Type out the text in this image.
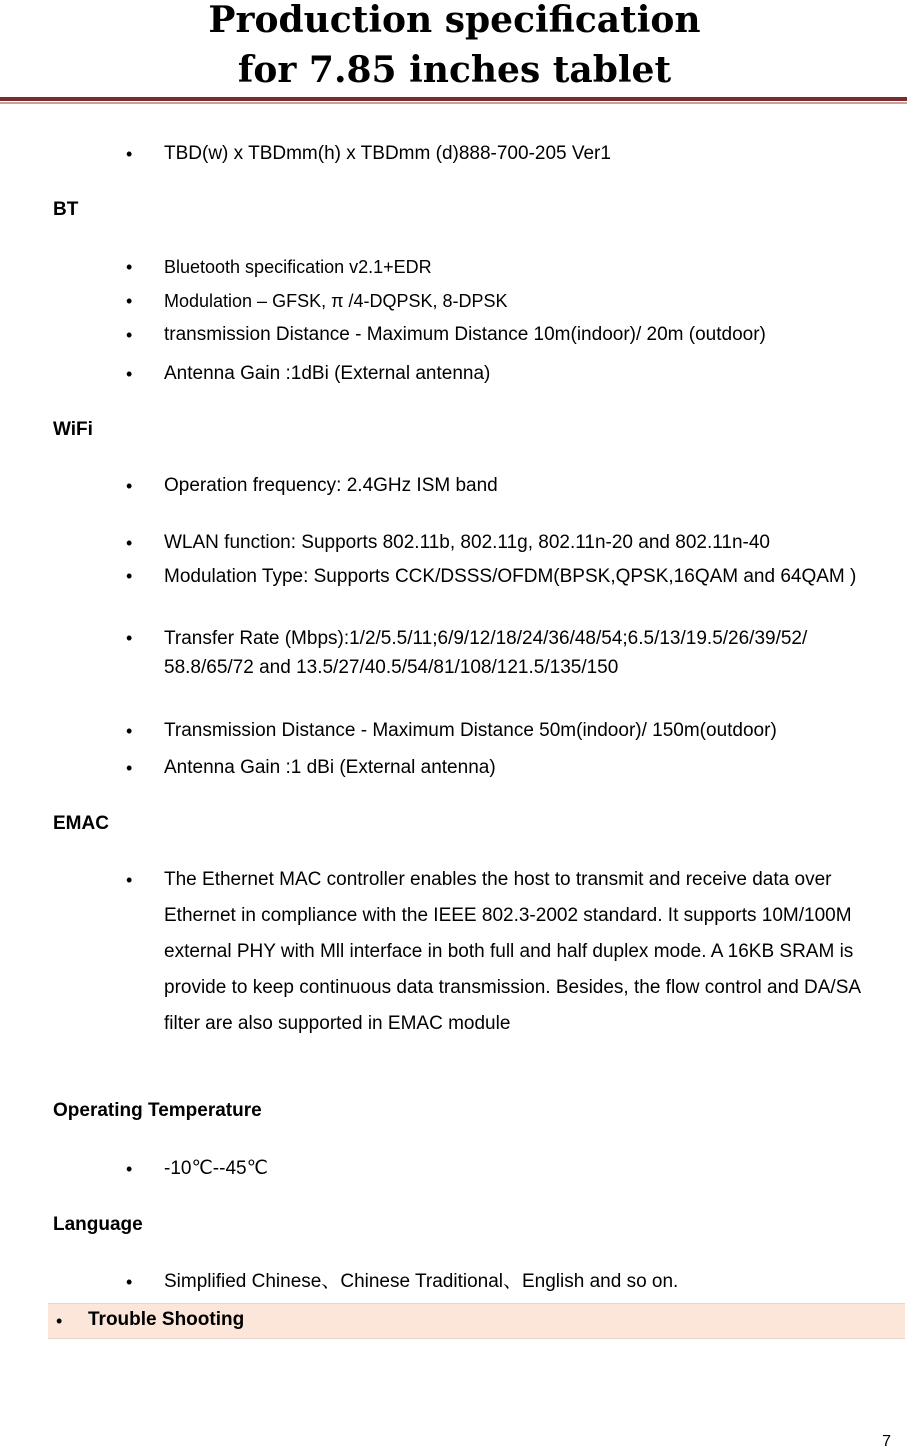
Production specification
for 7.85 inches tablet
•	TBD(w) x TBDmm(h) x TBDmm (d)888-700-205 Ver1
BT
•	Bluetooth specification v2.1+EDR
•	Modulation – GFSK, π /4-DQPSK, 8-DPSK
•	transmission Distance - Maximum Distance 10m(indoor)/ 20m (outdoor)
•	Antenna Gain :1dBi (External antenna)
WiFi
•	Operation frequency: 2.4GHz ISM band
•	WLAN function: Supports 802.11b, 802.11g, 802.11n-20 and 802.11n-40
•	Modulation Type: Supports CCK/DSSS/OFDM(BPSK,QPSK,16QAM and 64QAM )
•	Transfer Rate (Mbps):1/2/5.5/11;6/9/12/18/24/36/48/54;6.5/13/19.5/26/39/52/ 58.8/65/72 and 13.5/27/40.5/54/81/108/121.5/135/150
•	Transmission Distance - Maximum Distance 50m(indoor)/ 150m(outdoor)
•	Antenna Gain :1 dBi (External antenna)
EMAC
•	The Ethernet MAC controller enables the host to transmit and receive data over Ethernet in compliance with the IEEE 802.3-2002 standard. It supports 10M/100M external PHY with Mll interface in both full and half duplex mode. A 16KB SRAM is provide to keep continuous data transmission. Besides, the flow control and DA/SA filter are also supported in EMAC module
Operating Temperature
•	-10℃--45℃
Language
•	Simplified Chinese、Chinese Traditional、English and so on.
• Trouble Shooting
7
